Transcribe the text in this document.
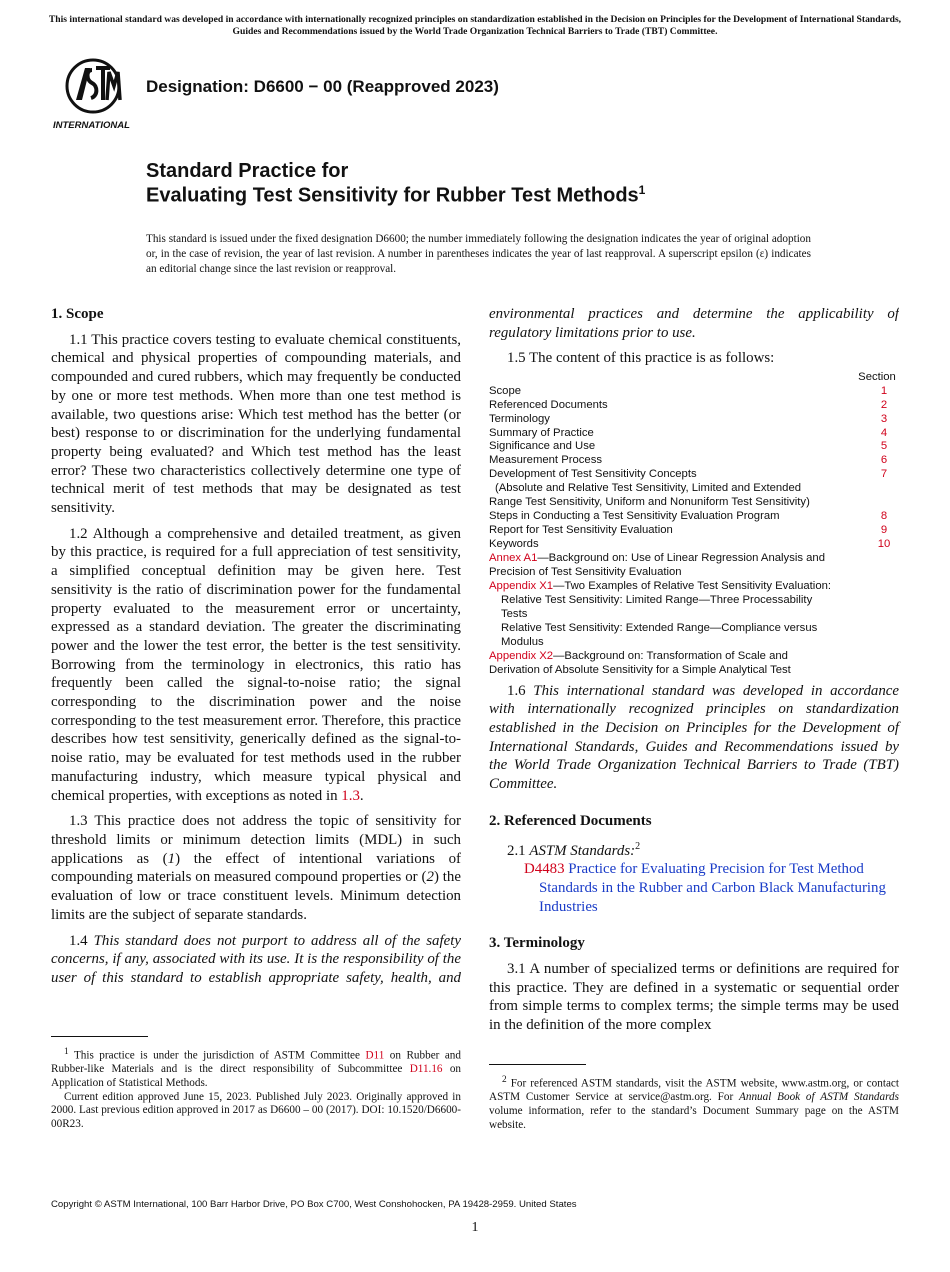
This international standard was developed in accordance with internationally recognized principles on standardization established in the Decision on Principles for the Development of International Standards, Guides and Recommendations issued by the World Trade Organization Technical Barriers to Trade (TBT) Committee.
INTERNATIONAL
Designation: D6600 − 00 (Reapproved 2023)
Standard Practice for
Evaluating Test Sensitivity for Rubber Test Methods$^1$
This standard is issued under the fixed designation D6600; the number immediately following the designation indicates the year of original adoption or, in the case of revision, the year of last revision. A number in parentheses indicates the year of last reapproval. A superscript epsilon (ε) indicates an editorial change since the last revision or reapproval.
1. Scope

1.1 This practice covers testing to evaluate chemical constituents, chemical and physical properties of compounding materials, and compounded and cured rubbers, which may frequently be conducted by one or more test methods. When more than one test method is available, two questions arise: Which test method has the better (or best) response to or discrimination for the underlying fundamental property being evaluated? and Which test method has the least error? These two characteristics collectively determine one type of technical merit of test methods that may be designated as test sensitivity.

1.2 Although a comprehensive and detailed treatment, as given by this practice, is required for a full appreciation of test sensitivity, a simplified conceptual definition may be given here. Test sensitivity is the ratio of discrimination power for the fundamental property evaluated to the measurement error or uncertainty, expressed as a standard deviation. The greater the discriminating power and the lower the test error, the better is the test sensitivity. Borrowing from the terminology in electronics, this ratio has frequently been called the signal-to-noise ratio; the signal corresponding to the discrimination power and the noise corresponding to the test measurement error. Therefore, this practice describes how test sensitivity, generically defined as the signal-to-noise ratio, may be evaluated for test methods used in the rubber manufacturing industry, which measure typical physical and chemical properties, with exceptions as noted in 1.3.

1.3 This practice does not address the topic of sensitivity for threshold limits or minimum detection limits (MDL) in such applications as (1) the effect of intentional variations of compounding materials on measured compound properties or (2) the evaluation of low or trace constituent levels. Minimum detection limits are the subject of separate standards.

1.4 This standard does not purport to address all of the safety concerns, if any, associated with its use. It is the responsibility of the user of this standard to establish appropriate safety, health, and

environmental practices and determine the applicability of regulatory limitations prior to use.

1.5 The content of this practice is as follows:

Section
Scope	1
Referenced Documents	2
Terminology	3
Summary of Practice	4
Significance and Use	5
Measurement Process	6
Development of Test Sensitivity Concepts	7
(Absolute and Relative Test Sensitivity, Limited and Extended
Range Test Sensitivity, Uniform and Nonuniform Test Sensitivity)
Steps in Conducting a Test Sensitivity Evaluation Program	8
Report for Test Sensitivity Evaluation	9
Keywords	10
Annex A1—Background on: Use of Linear Regression Analysis and
Precision of Test Sensitivity Evaluation
Appendix X1—Two Examples of Relative Test Sensitivity Evaluation:
Relative Test Sensitivity: Limited Range—Three Processability
Tests
Relative Test Sensitivity: Extended Range—Compliance versus
Modulus
Appendix X2—Background on: Transformation of Scale and
Derivation of Absolute Sensitivity for a Simple Analytical Test

1.6 This international standard was developed in accordance with internationally recognized principles on standardization established in the Decision on Principles for the Development of International Standards, Guides and Recommendations issued by the World Trade Organization Technical Barriers to Trade (TBT) Committee.

2. Referenced Documents

2.1 ASTM Standards:$^2$

D4483 Practice for Evaluating Precision for Test Method Standards in the Rubber and Carbon Black Manufacturing Industries
3. Terminology

3.1 A number of specialized terms or definitions are required for this practice. They are defined in a systematic or sequential order from simple terms to complex terms; the simple terms may be used in the definition of the more complex

$^1$ This practice is under the jurisdiction of ASTM Committee D11 on Rubber and Rubber-like Materials and is the direct responsibility of Subcommittee D11.16 on Application of Statistical Methods.

Current edition approved June 15, 2023. Published July 2023. Originally approved in 2000. Last previous edition approved in 2017 as D6600 – 00 (2017). DOI: 10.1520/D6600-00R23.

$^2$ For referenced ASTM standards, visit the ASTM website, www.astm.org, or contact ASTM Customer Service at service@astm.org. For Annual Book of ASTM Standards volume information, refer to the standard’s Document Summary page on the ASTM website.

Copyright © ASTM International, 100 Barr Harbor Drive, PO Box C700, West Conshohocken, PA 19428-2959. United States
1
